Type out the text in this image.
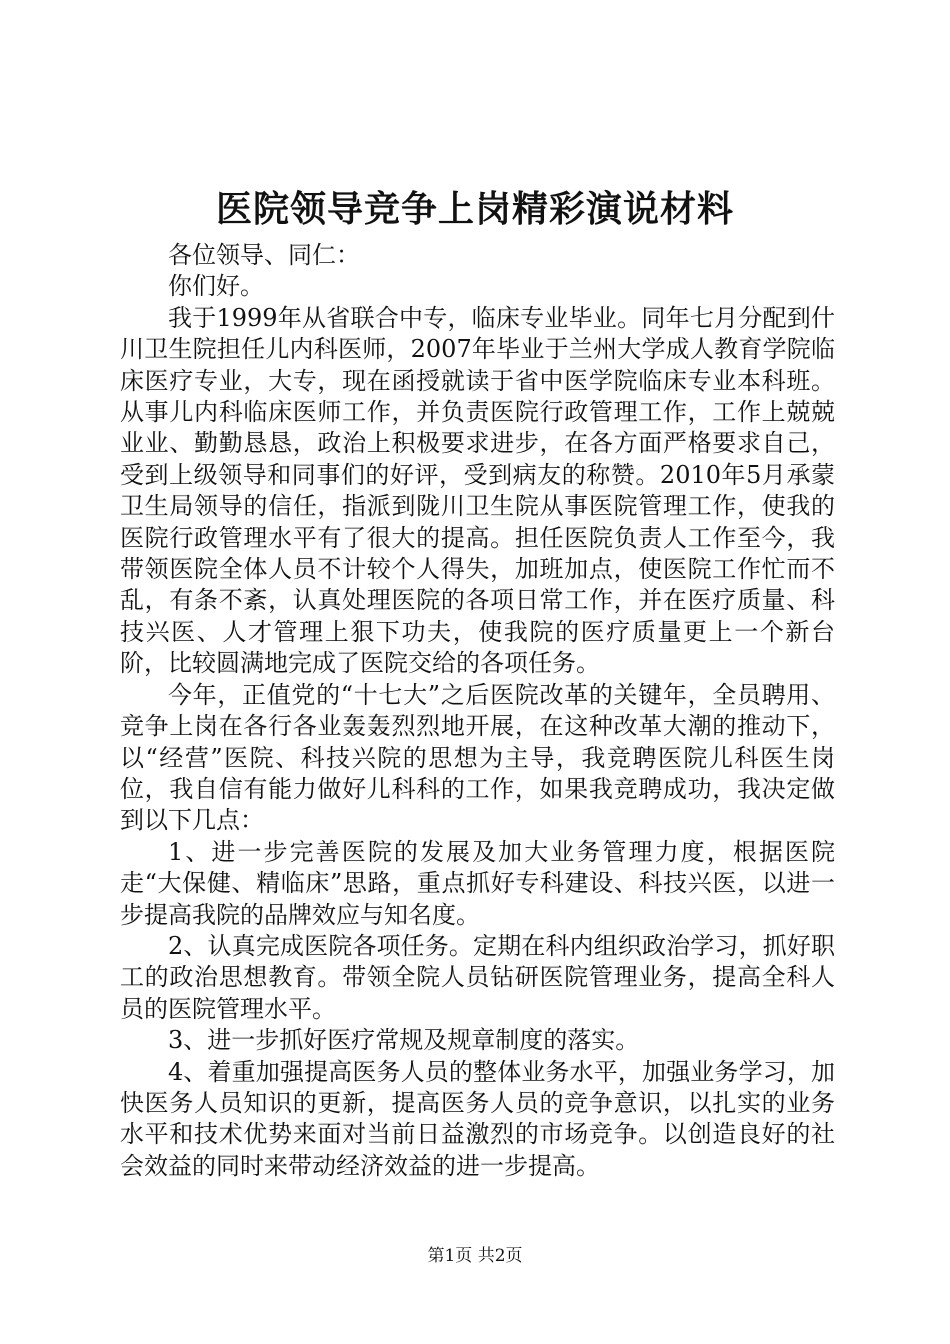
医院领导竞争上岗精彩演说材料

各位领导、同仁：

你们好。

我于1999年从省联合中专，临床专业毕业。同年七月分配到什川卫生院担任儿内科医师，2007年毕业于兰州大学成人教育学院临床医疗专业，大专，现在函授就读于省中医学院临床专业本科班。从事儿内科临床医师工作，并负责医院行政管理工作，工作上兢兢业业、勤勤恳恳，政治上积极要求进步，在各方面严格要求自己，受到上级领导和同事们的好评，受到病友的称赞。2010年5月承蒙卫生局领导的信任，指派到陇川卫生院从事医院管理工作，使我的医院行政管理水平有了很大的提高。担任医院负责人工作至今，我带领医院全体人员不计较个人得失，加班加点，使医院工作忙而不乱，有条不紊，认真处理医院的各项日常工作，并在医疗质量、科技兴医、人才管理上狠下功夫，使我院的医疗质量更上一个新台阶，比较圆满地完成了医院交给的各项任务。

今年，正值党的“十七大”之后医院改革的关键年，全员聘用、竞争上岗在各行各业轰轰烈烈地开展，在这种改革大潮的推动下，以“经营”医院、科技兴院的思想为主导，我竞聘医院儿科医生岗位，我自信有能力做好儿科科的工作，如果我竞聘成功，我决定做到以下几点：

1、进一步完善医院的发展及加大业务管理力度，根据医院走“大保健、精临床”思路，重点抓好专科建设、科技兴医，以进一步提高我院的品牌效应与知名度。

2、认真完成医院各项任务。定期在科内组织政治学习，抓好职工的政治思想教育。带领全院人员钻研医院管理业务，提高全科人员的医院管理水平。

3、进一步抓好医疗常规及规章制度的落实。

4、着重加强提高医务人员的整体业务水平，加强业务学习，加快医务人员知识的更新，提高医务人员的竞争意识，以扎实的业务水平和技术优势来面对当前日益激烈的市场竞争。以创造良好的社会效益的同时来带动经济效益的进一步提高。

第1页 共2页
